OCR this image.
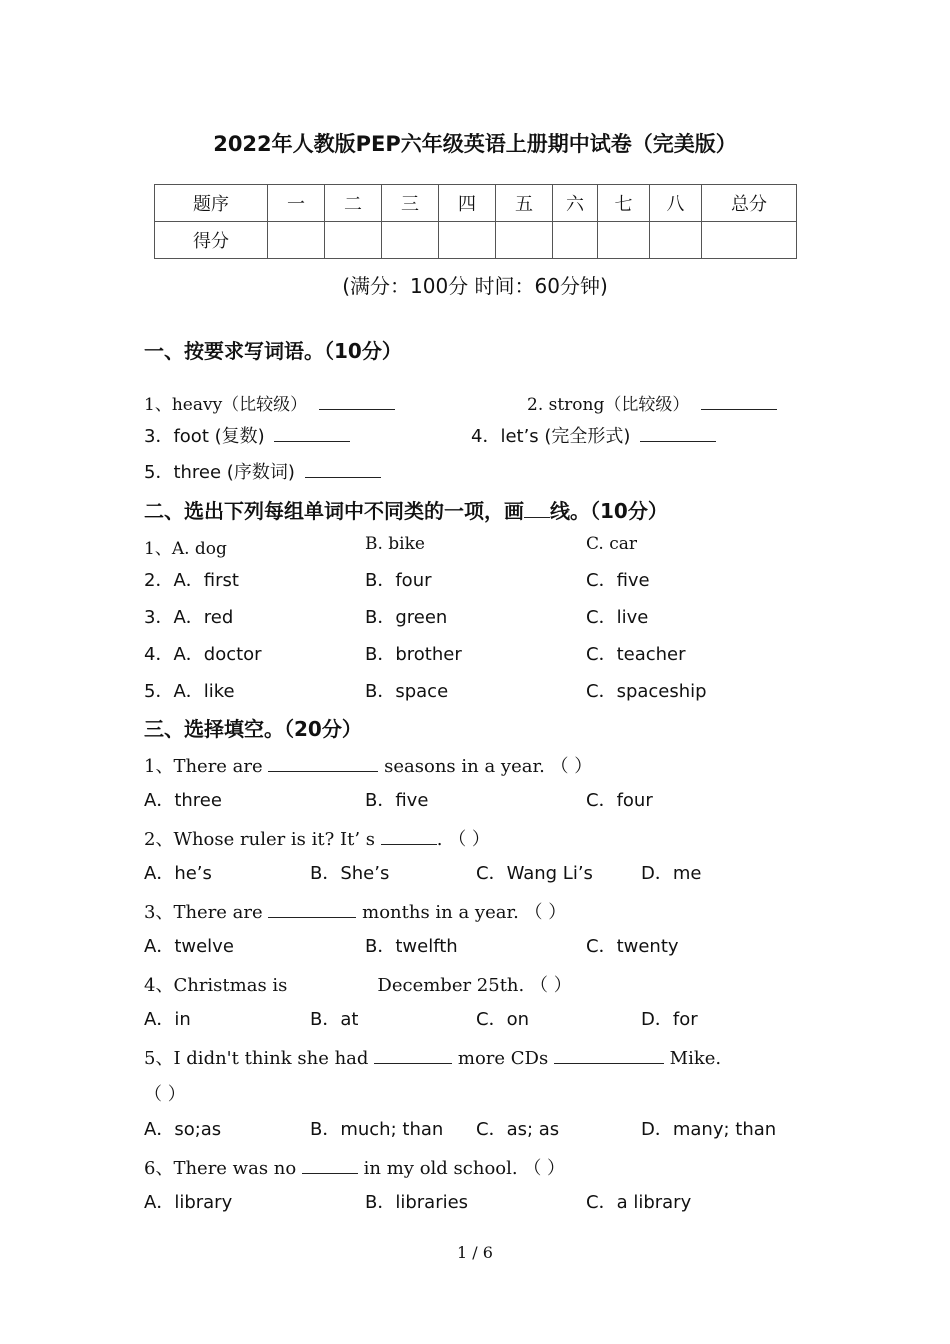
2022年人教版PEP六年级英语上册期中试卷（完美版）
题序	一	二	三	四	五	六	七	八	总分
得分									
(满分：100分 时间：60分钟)
一、按要求写词语。（10分）
1、heavy（比较级）	2. strong（比较级）
3．foot (复数)	4．let’s (完全形式)
5．three (序数词)
二、选出下列每组单词中不同类的一项，画 线。（10分）
1、A. dog	B. bike	C. car
2．A．first	B．four	C．five
3．A．red	B．green	C．live
4．A．doctor	B．brother	C．teacher
5．A．like	B．space	C．spaceship
三、选择填空。（20分）
1、There are	seasons in a year. （ ）
A．three	B．five	C．four
2、Whose ruler is it? It’ s	. （ ）
A．he’s	B．She’s	C．Wang Li’s	D．me
3、There are	months in a year. （ ）
A．twelve	B．twelfth	C．twenty
4、Christmas is	December 25th. （ ）
A．in	B．at	C．on	D．for
5、I didn't think she had	more CDs	Mike.
（ ）
A．so;as	B．much; than C．as; as	D．many; than
6、There was no	in my old school. （ ）
A．library	B．libraries	C．a library
1 / 6
